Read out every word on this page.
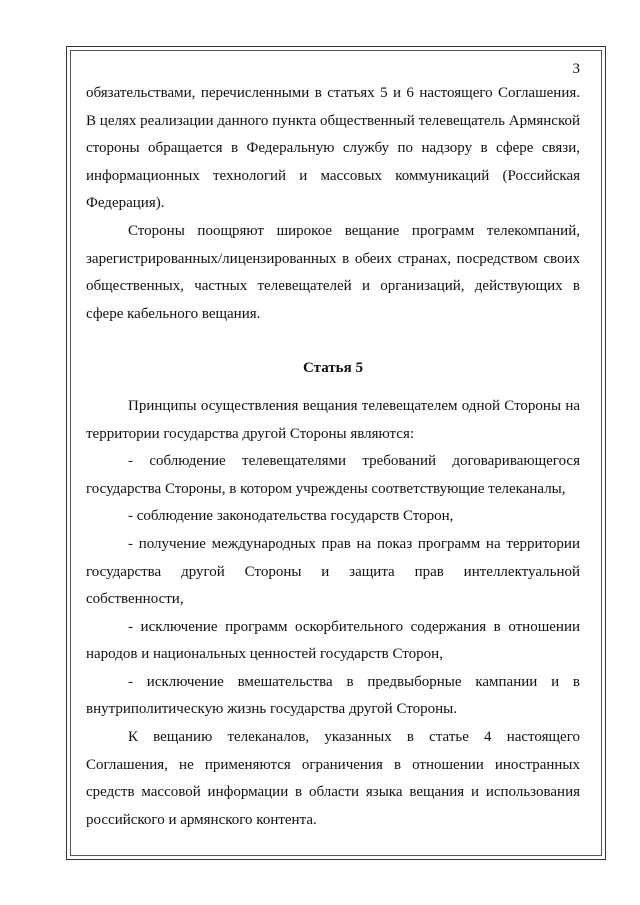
3

обязательствами, перечисленными в статьях 5 и 6 настоящего Соглашения. В целях реализации данного пункта общественный телевещатель Армянской стороны обращается в Федеральную службу по надзору в сфере связи, информационных технологий и массовых коммуникаций (Российская Федерация).

Стороны поощряют широкое вещание программ телекомпаний, зарегистрированных/лицензированных в обеих странах, посредством своих общественных, частных телевещателей и организаций, действующих в сфере кабельного вещания.

Статья 5

Принципы осуществления вещания телевещателем одной Стороны на территории государства другой Стороны являются:

- соблюдение телевещателями требований договаривающегося государства Стороны, в котором учреждены соответствующие телеканалы,

- соблюдение законодательства государств Сторон,

- получение международных прав на показ программ на территории государства другой Стороны и защита прав интеллектуальной собственности,

- исключение программ оскорбительного содержания в отношении народов и национальных ценностей государств Сторон,

- исключение вмешательства в предвыборные кампании и в внутриполитическую жизнь государства другой Стороны.

К вещанию телеканалов, указанных в статье 4 настоящего Соглашения, не применяются ограничения в отношении иностранных средств массовой информации в области языка вещания и использования российского и армянского контента.
